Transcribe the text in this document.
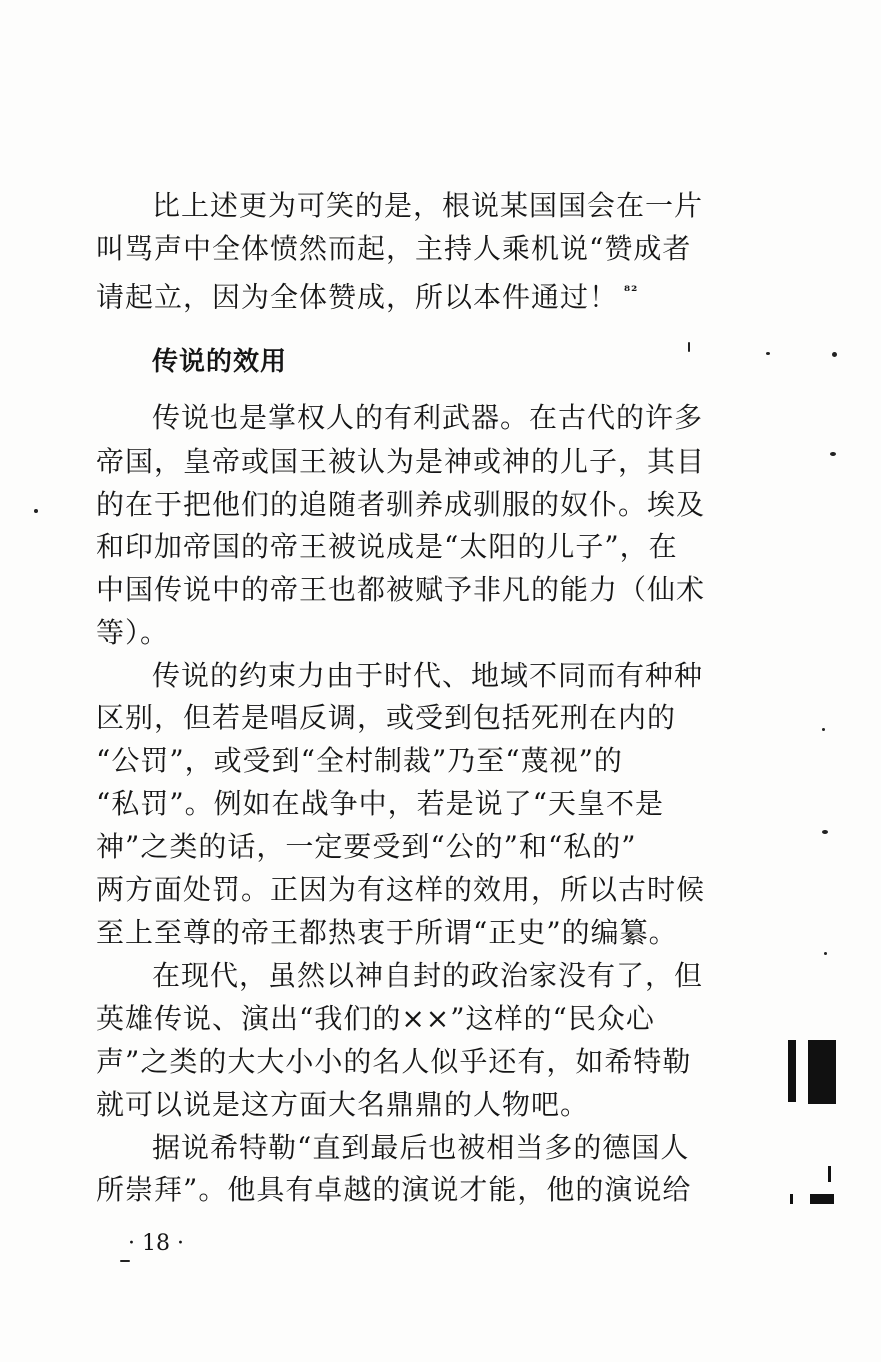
比上述更为可笑的是，根说某国国会在一片
叫骂声中全体愤然而起，主持人乘机说“赞成者
请起立，因为全体赞成，所以本件通过！ $^{^{82}}$
传说的效用
传说也是掌权人的有利武器。在古代的许多
帝国，皇帝或国王被认为是神或神的儿子，其目
的在于把他们的追随者驯养成驯服的奴仆。埃及
和印加帝国的帝王被说成是“太阳的儿子”，在
中国传说中的帝王也都被赋予非凡的能力（仙术
等）。
传说的约束力由于时代、地域不同而有种种
区别，但若是唱反调，或受到包括死刑在内的
“公罚”，或受到“全村制裁”乃至“蔑视”的
“私罚”。例如在战争中，若是说了“天皇不是
神”之类的话，一定要受到“公的”和“私的”
两方面处罚。正因为有这样的效用，所以古时候
至上至尊的帝王都热衷于所谓“正史”的编纂。
在现代，虽然以神自封的政治家没有了，但
英雄传说、演出“我们的××”这样的“民众心
声”之类的大大小小的名人似乎还有，如希特勒
就可以说是这方面大名鼎鼎的人物吧。
据说希特勒“直到最后也被相当多的德国人
所崇拜”。他具有卓越的演说才能，他的演说给
· 18 ·
